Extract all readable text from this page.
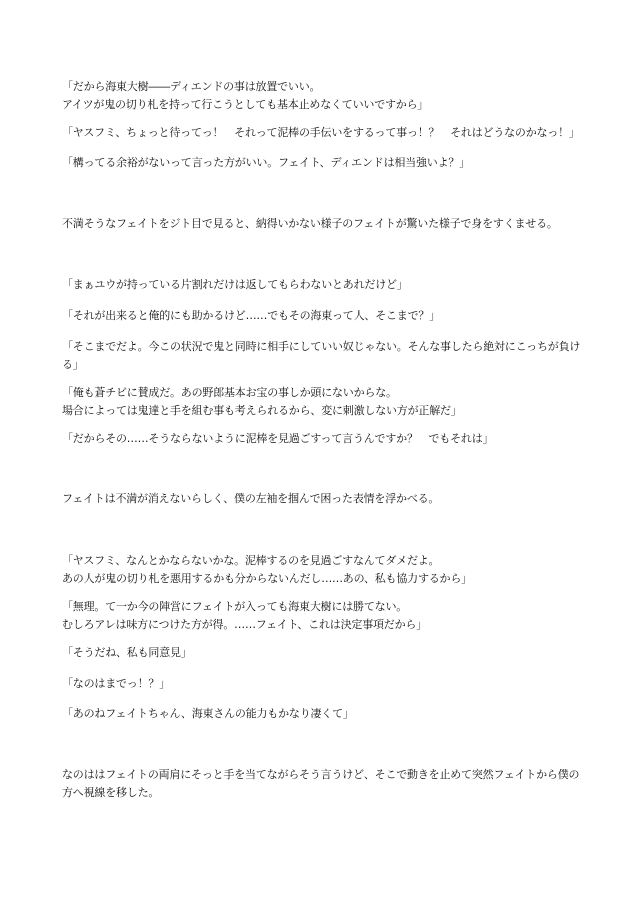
「だから海東大樹――ディエンドの事は放置でいい。
アイツが鬼の切り札を持って行こうとしても基本止めなくていいですから」
「ヤスフミ、ちょっと待ってっ！　それって泥棒の手伝いをするって事っ！？　それはどうなのかなっ！」
「構ってる余裕がないって言った方がいい。フェイト、ディエンドは相当強いよ？」
不満そうなフェイトをジト目で見ると、納得いかない様子のフェイトが驚いた様子で身をすくませる。
「まぁユウが持っている片割れだけは返してもらわないとあれだけど」
「それが出来ると俺的にも助かるけど……でもその海東って人、そこまで？」
「そこまでだよ。今この状況で鬼と同時に相手にしていい奴じゃない。そんな事したら絶対にこっちが負ける」
「俺も蒼チビに賛成だ。あの野郎基本お宝の事しか頭にないからな。
場合によっては鬼達と手を組む事も考えられるから、変に刺激しない方が正解だ」
「だからその……そうならないように泥棒を見過ごすって言うんですか？　でもそれは」
フェイトは不満が消えないらしく、僕の左袖を掴んで困った表情を浮かべる。
「ヤスフミ、なんとかならないかな。泥棒するのを見過ごすなんてダメだよ。
あの人が鬼の切り札を悪用するかも分からないんだし……あの、私も協力するから」
「無理。て一か今の陣営にフェイトが入っても海東大樹には勝てない。
むしろアレは味方につけた方が得。……フェイト、これは決定事項だから」
「そうだね、私も同意見」
「なのはまでっ！？」
「あのねフェイトちゃん、海東さんの能力もかなり凄くて」
なのははフェイトの両肩にそっと手を当てながらそう言うけど、そこで動きを止めて突然フェイトから僕の方へ視線を移した。
